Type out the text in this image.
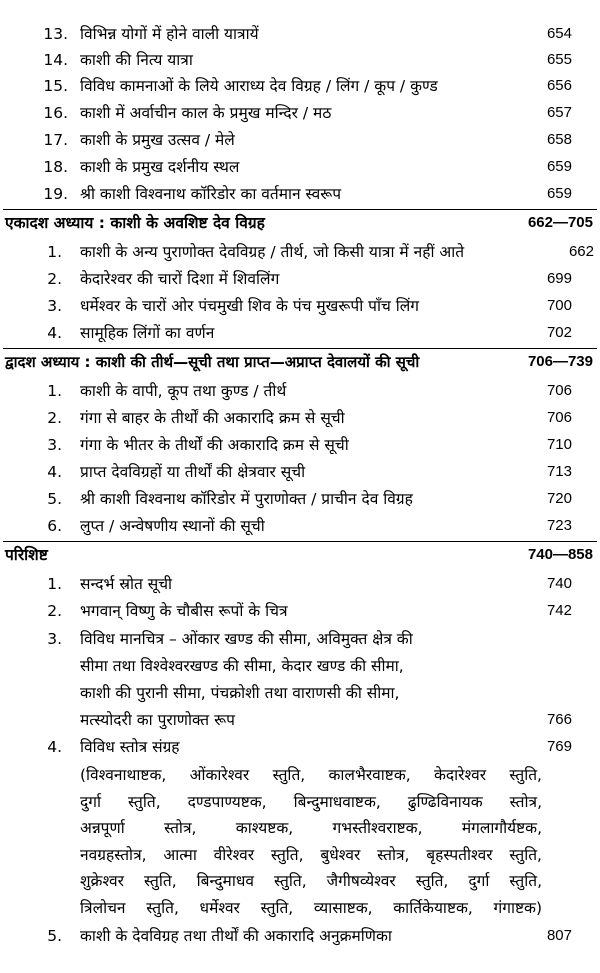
13. विभिन्न योगों में होने वाली यात्रायें	654
14. काशी की नित्य यात्रा	655
15. विविध कामनाओं के लिये आराध्य देव विग्रह / लिंग / कूप / कुण्ड	656
16. काशी में अर्वाचीन काल के प्रमुख मन्दिर / मठ	657
17. काशी के प्रमुख उत्सव / मेले	658
18. काशी के प्रमुख दर्शनीय स्थल	659
19. श्री काशी विश्वनाथ कॉरिडोर का वर्तमान स्वरूप	659
एकादश अध्याय : काशी के अवशिष्ट देव विग्रह	662—705
1. काशी के अन्य पुराणोक्त देवविग्रह / तीर्थ, जो किसी यात्रा में नहीं आते	662
2. केदारेश्वर की चारों दिशा में शिवलिंग	699
3. धर्मेश्वर के चारों ओर पंचमुखी शिव के पंच मुखरूपी पाँच लिंग	700
4. सामूहिक लिंगों का वर्णन	702
द्वादश अध्याय : काशी की तीर्थ—सूची तथा प्राप्त—अप्राप्त देवालयों की सूची	706—739
1. काशी के वापी, कूप तथा कुण्ड / तीर्थ	706
2. गंगा से बाहर के तीर्थों की अकारादि क्रम से सूची	706
3. गंगा के भीतर के तीर्थों की अकारादि क्रम से सूची	710
4. प्राप्त देवविग्रहों या तीर्थों की क्षेत्रवार सूची	713
5. श्री काशी विश्वनाथ कॉरिडोर में पुराणोक्त / प्राचीन देव विग्रह	720
6. लुप्त / अन्वेषणीय स्थानों की सूची	723
परिशिष्ट	740—858
1. सन्दर्भ स्रोत सूची	740
2. भगवान् विष्णु के चौबीस रूपों के चित्र	742
3. विविध मानचित्र – ओंकार खण्ड की सीमा, अविमुक्त क्षेत्र की
सीमा तथा विश्वेश्वरखण्ड की सीमा, केदार खण्ड की सीमा,
काशी की पुरानी सीमा, पंचक्रोशी तथा वाराणसी की सीमा,
मत्स्योदरी का पुराणोक्त रूप	766
4. विविध स्तोत्र संग्रह	769
(विश्वनाथाष्टक, ओंकारेश्वर स्तुति, कालभैरवाष्टक, केदारेश्वर स्तुति,
दुर्गा स्तुति, दण्डपाण्यष्टक, बिन्दुमाधवाष्टक, ढुण्ढिविनायक स्तोत्र,
अन्नपूर्णा स्तोत्र, काश्यष्टक, गभस्तीश्वराष्टक, मंगलागौर्यष्टक,
नवग्रहस्तोत्र, आत्मा वीरेश्वर स्तुति, बुधेश्वर स्तोत्र, बृहस्पतीश्वर स्तुति,
शुक्रेश्वर स्तुति, बिन्दुमाधव स्तुति, जैगीषव्येश्वर स्तुति, दुर्गा स्तुति,
त्रिलोचन स्तुति, धर्मेश्वर स्तुति, व्यासाष्टक, कार्तिकेयाष्टक, गंगाष्टक)
5. काशी के देवविग्रह तथा तीर्थों की अकारादि अनुक्रमणिका	807
